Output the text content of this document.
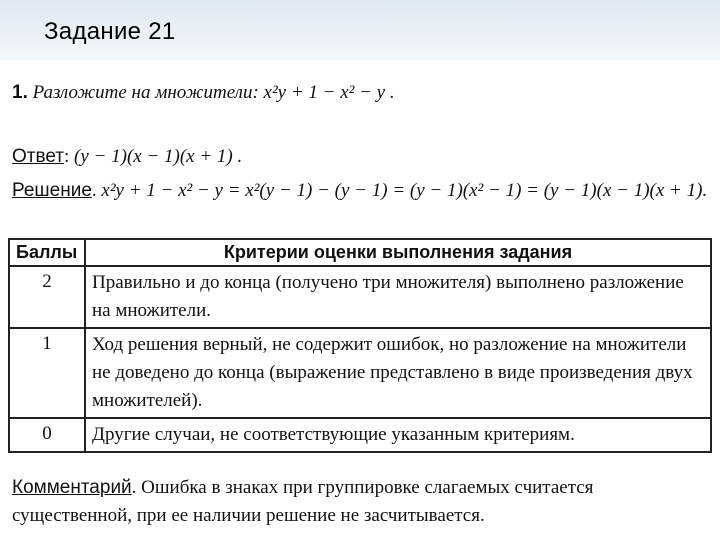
Задание 21
1. Разложите на множители: x²y + 1 − x² − y .
Ответ: (y − 1)(x − 1)(x + 1) .
Решение. x²y + 1 − x² − y = x²(y − 1) − (y − 1) = (y − 1)(x² − 1) = (y − 1)(x − 1)(x + 1).
Баллы	Критерии оценки выполнения задания
2	Правильно и до конца (получено три множителя) выполнено разложение на множители.
1	Ход решения верный, не содержит ошибок, но разложение на множители не доведено до конца (выражение представлено в виде произведения двух множителей).
0	Другие случаи, не соответствующие указанным критериям.
Комментарий. Ошибка в знаках при группировке слагаемых считается существенной, при ее наличии решение не засчитывается.
